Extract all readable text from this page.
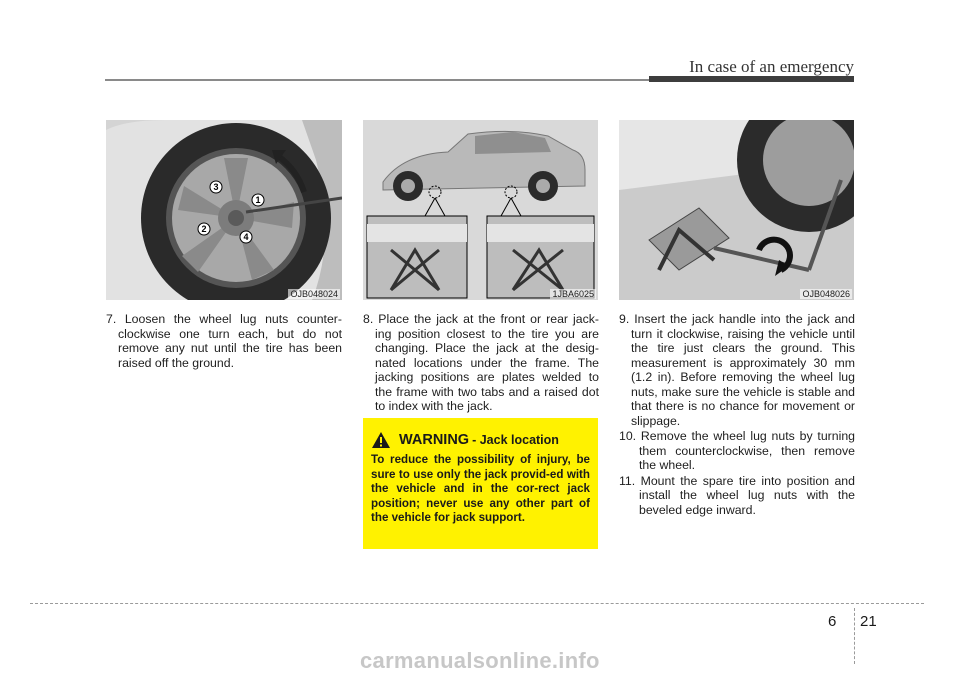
In case of an emergency
1
2
3
4
OJB048024	1JBA6025	OJB048026

7. Loosen the wheel lug nuts counter-clockwise one turn each, but do not remove any nut until the tire has been raised off the ground.

8. Place the jack at the front or rear jack-ing position closest to the tire you are changing. Place the jack at the desig-nated locations under the frame. The jacking positions are plates welded to the frame with two tabs and a raised dot to index with the jack.

WARNING - Jack location
To reduce the possibility of injury, be sure to use only the jack provid-ed with the vehicle and in the cor-rect jack position; never use any other part of the vehicle for jack support.

9. Insert the jack handle into the jack and turn it clockwise, raising the vehicle until the tire just clears the ground. This measurement is approximately 30 mm (1.2 in). Before removing the wheel lug nuts, make sure the vehicle is stable and that there is no chance for movement or slippage.

10. Remove the wheel lug nuts by turning them counterclockwise, then remove the wheel.

11. Mount the spare tire into position and install the wheel lug nuts with the beveled edge inward.

6 21
carmanualsonline.info
